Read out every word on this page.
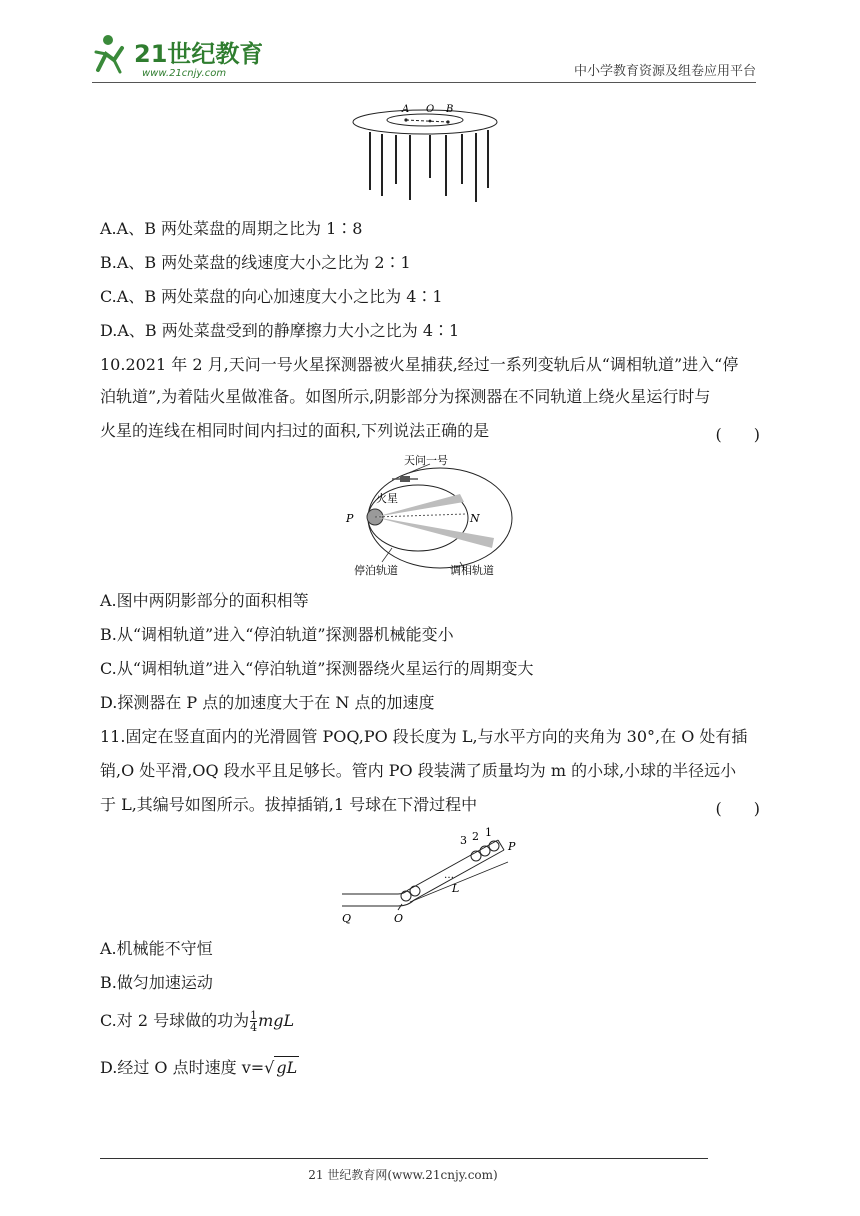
21世纪教育
www.21cnjy.com	中小学教育资源及组卷应用平台
A O B
A.A、B 两处菜盘的周期之比为 1∶8
B.A、B 两处菜盘的线速度大小之比为 2∶1
C.A、B 两处菜盘的向心加速度大小之比为 4∶1
D.A、B 两处菜盘受到的静摩擦力大小之比为 4∶1
10.2021 年 2 月,天问一号火星探测器被火星捕获,经过一系列变轨后从“调相轨道”进入“停
泊轨道”,为着陆火星做准备。如图所示,阴影部分为探测器在不同轨道上绕火星运行时与
火星的连线在相同时间内扫过的面积,下列说法正确的是	(　　)
天问一号
火星
P	N
停泊轨道	调相轨道
A.图中两阴影部分的面积相等
B.从“调相轨道”进入“停泊轨道”探测器机械能变小
C.从“调相轨道”进入“停泊轨道”探测器绕火星运行的周期变大
D.探测器在 P 点的加速度大于在 N 点的加速度
11.固定在竖直面内的光滑圆管 POQ,PO 段长度为 L,与水平方向的夹角为 30°,在 O 处有插
销,O 处平滑,OQ 段水平且足够长。管内 PO 段装满了质量均为 m 的小球,小球的半径远小
于 L,其编号如图所示。拔掉插销,1 号球在下滑过程中	(　　)
…
3 2 1
P
L
Q	O
A.机械能不守恒
B.做匀加速运动
C.对 2 号球做的功为 $\frac{1}{4}$ mgL
D.经过 O 点时速度 v=√ gL
21 世纪教育网(www.21cnjy.com)
